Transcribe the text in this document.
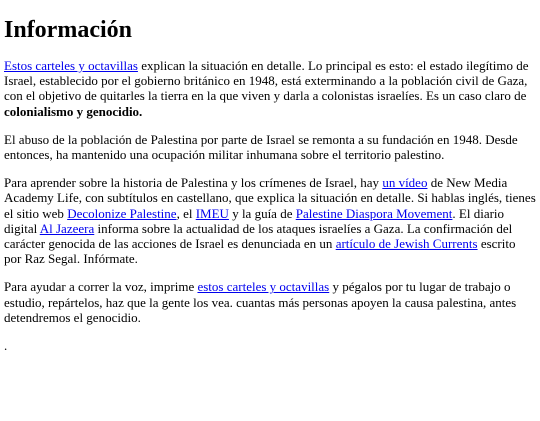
Información

Estos carteles y octavillas explican la situación en detalle. Lo principal es esto: el estado ilegítimo de Israel, establecido por el gobierno británico en 1948, está exterminando a la población civil de Gaza, con el objetivo de quitarles la tierra en la que viven y darla a colonistas israelíes. Es un caso claro de colonialismo y genocidio.

El abuso de la población de Palestina por parte de Israel se remonta a su fundación en 1948. Desde entonces, ha mantenido una ocupación militar inhumana sobre el territorio palestino.

Para aprender sobre la historia de Palestina y los crímenes de Israel, hay un vídeo de New Media Academy Life, con subtítulos en castellano, que explica la situación en detalle. Si hablas inglés, tienes el sitio web Decolonize Palestine, el IMEU y la guía de Palestine Diaspora Movement. El diario digital Al Jazeera informa sobre la actualidad de los ataques israelíes a Gaza. La confirmación del carácter genocida de las acciones de Israel es denunciada en un artículo de Jewish Currents escrito por Raz Segal. Infórmate.

Para ayudar a correr la voz, imprime estos carteles y octavillas y pégalos por tu lugar de trabajo o estudio, repártelos, haz que la gente los vea. cuantas más personas apoyen la causa palestina, antes detendremos el genocidio.

.
